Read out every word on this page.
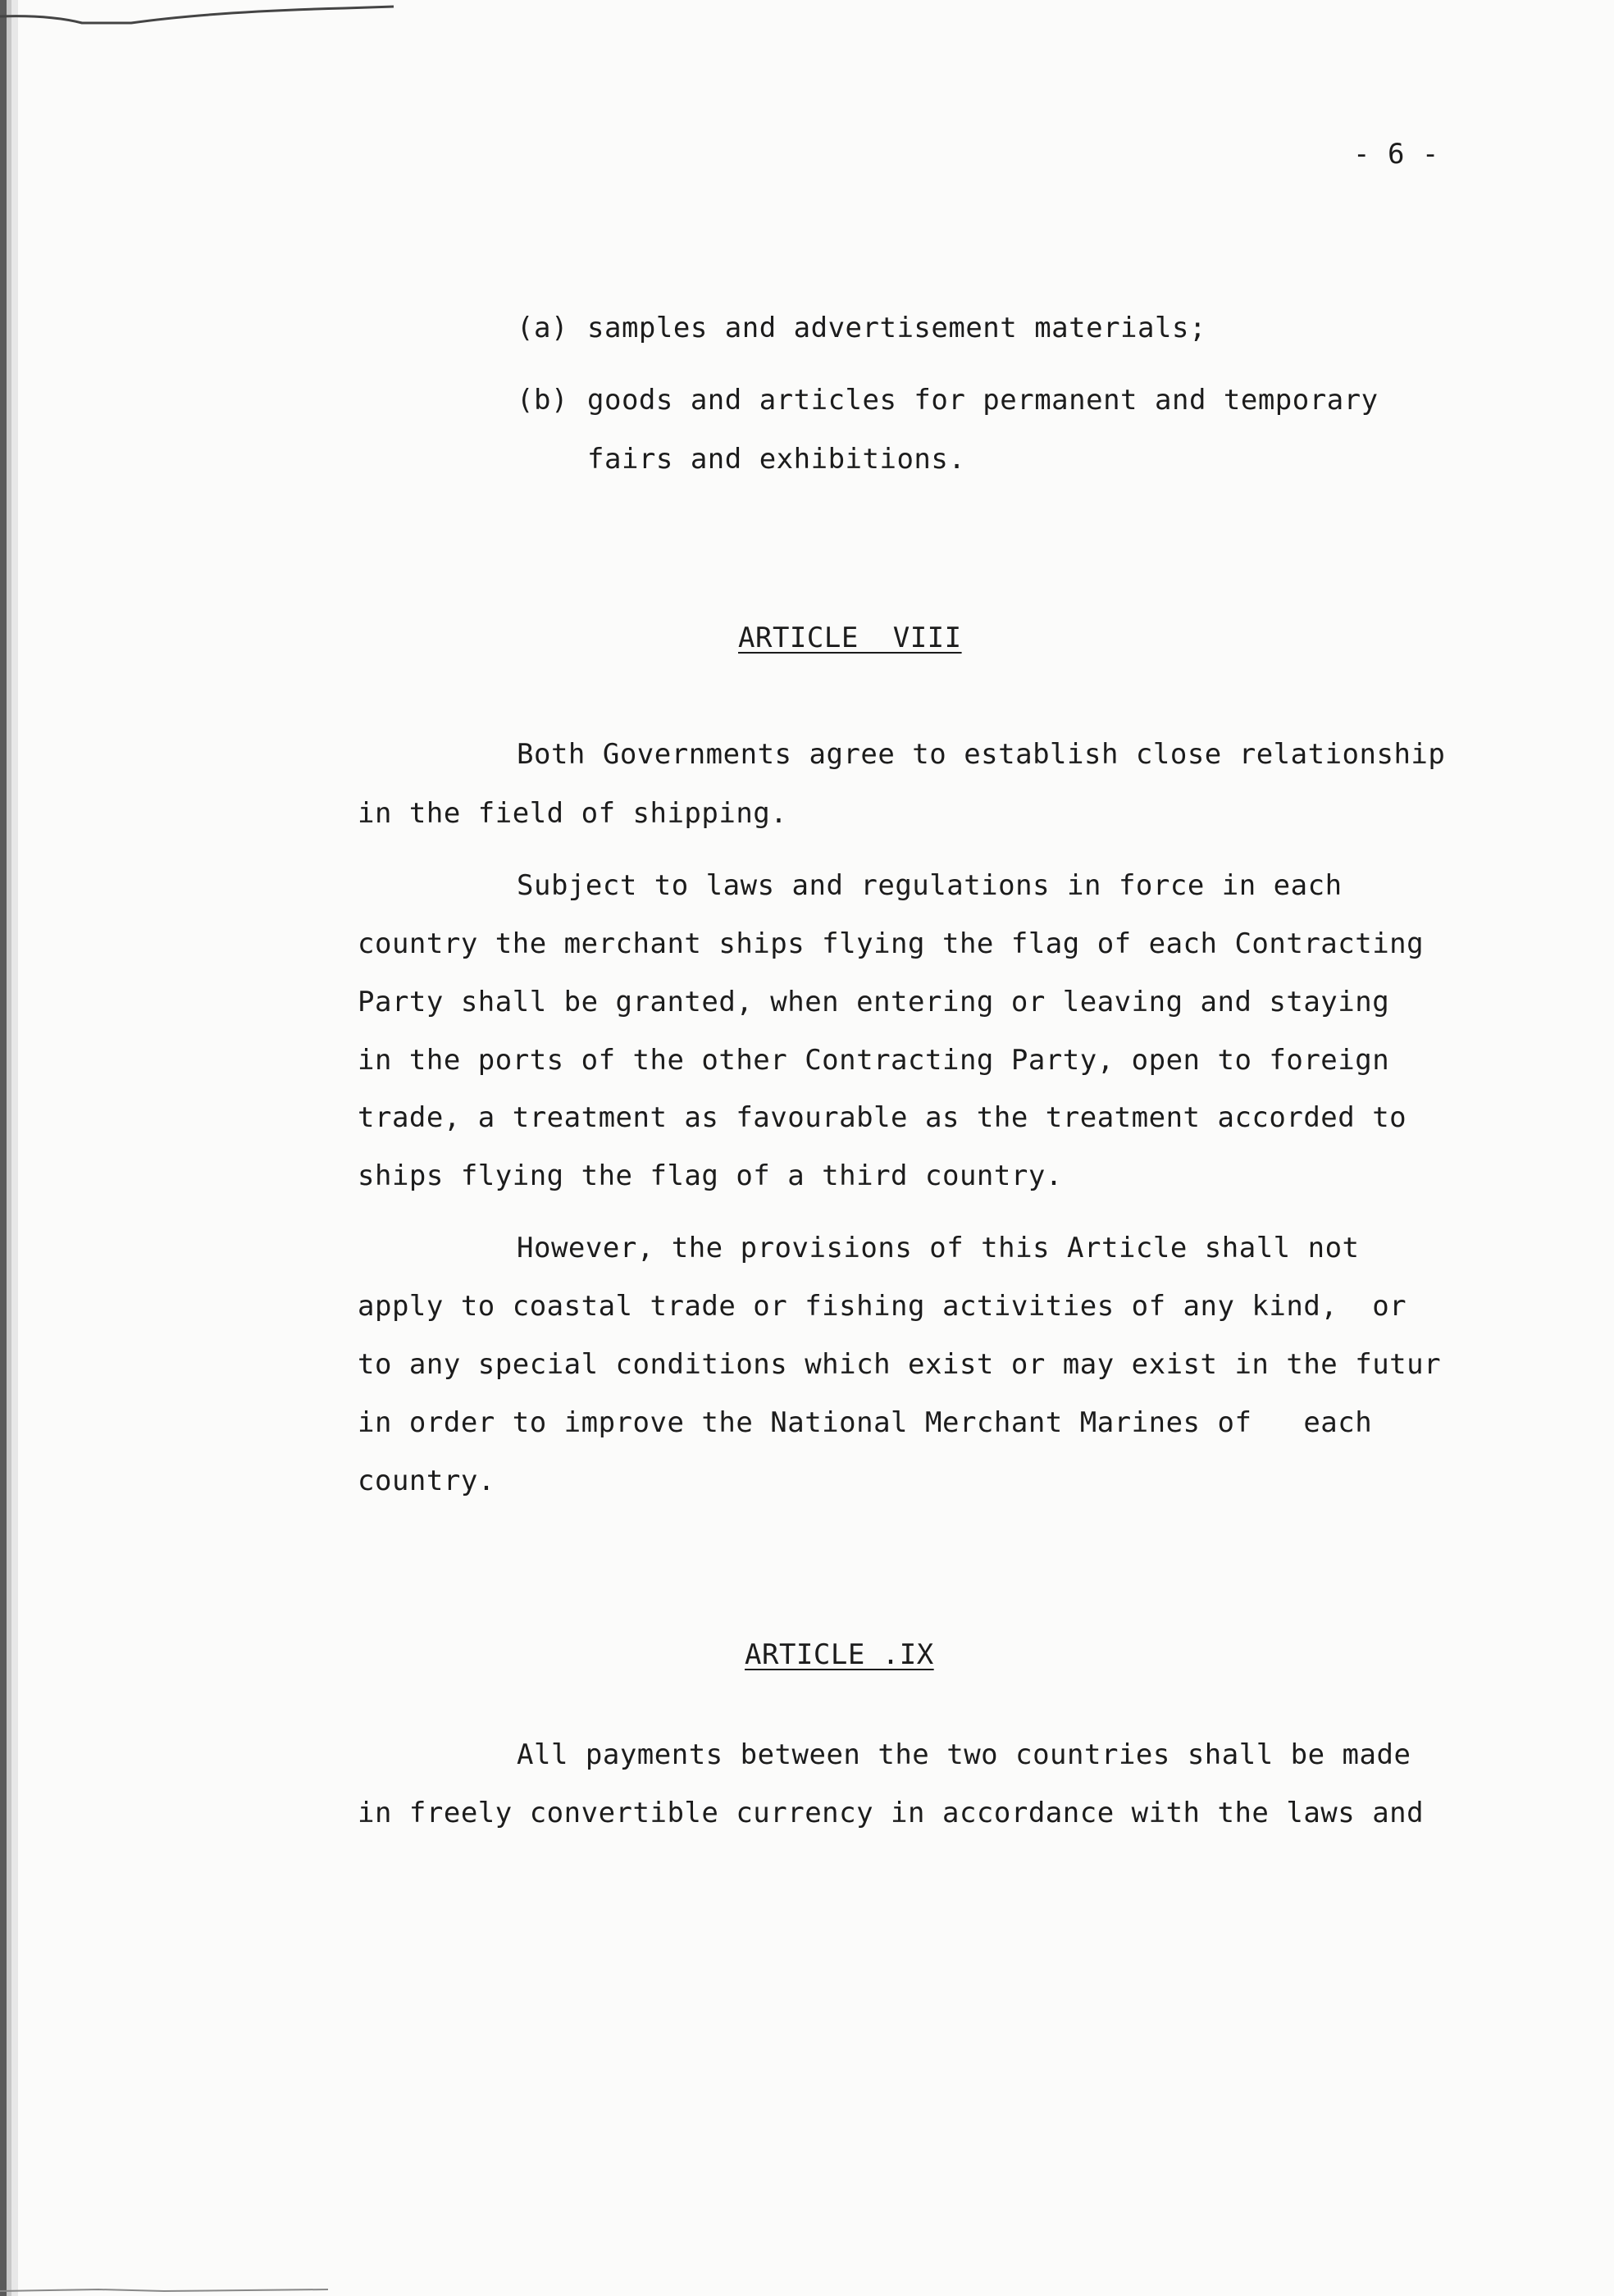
- 6 -
(a) samples and advertisement materials;
(b) goods and articles for permanent and temporary
fairs and exhibitions.
ARTICLE  VIII
Both Governments agree to establish close relationship
in the field of shipping.
Subject to laws and regulations in force in each
country the merchant ships flying the flag of each Contracting
Party shall be granted, when entering or leaving and staying
in the ports of the other Contracting Party, open to foreign
trade, a treatment as favourable as the treatment accorded to
ships flying the flag of a third country.
However, the provisions of this Article shall not
apply to coastal trade or fishing activities of any kind,  or
to any special conditions which exist or may exist in the futur
in order to improve the National Merchant Marines of   each
country.
ARTICLE .IX
All payments between the two countries shall be made
in freely convertible currency in accordance with the laws and
